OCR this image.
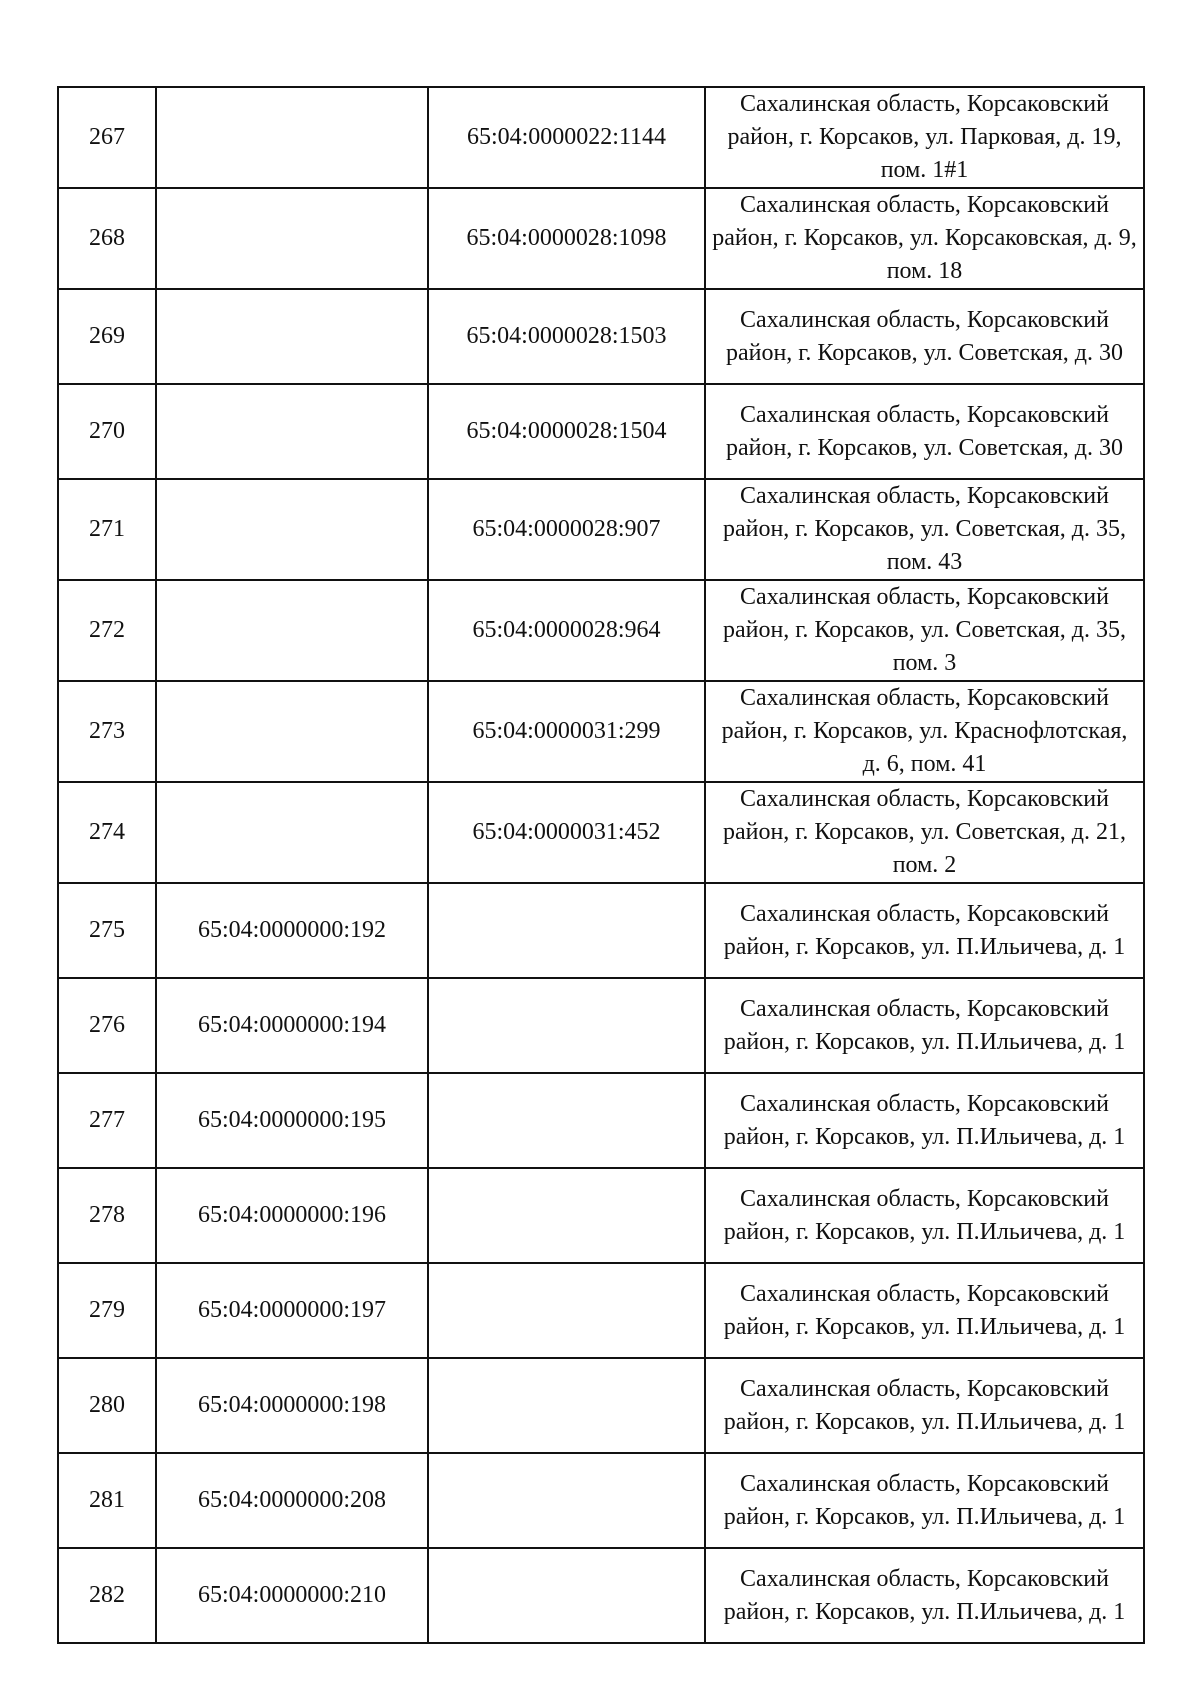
267		65:04:0000022:1144	Сахалинская область, Корсаковский район, г. Корсаков, ул. Парковая, д. 19, пом. 1#1
268		65:04:0000028:1098	Сахалинская область, Корсаковский район, г. Корсаков, ул. Корсаковская, д. 9, пом. 18
269		65:04:0000028:1503	Сахалинская область, Корсаковский район, г. Корсаков, ул. Советская, д. 30
270		65:04:0000028:1504	Сахалинская область, Корсаковский район, г. Корсаков, ул. Советская, д. 30
271		65:04:0000028:907	Сахалинская область, Корсаковский район, г. Корсаков, ул. Советская, д. 35, пом. 43
272		65:04:0000028:964	Сахалинская область, Корсаковский район, г. Корсаков, ул. Советская, д. 35, пом. 3
273		65:04:0000031:299	Сахалинская область, Корсаковский район, г. Корсаков, ул. Краснофлотская, д. 6, пом. 41
274		65:04:0000031:452	Сахалинская область, Корсаковский район, г. Корсаков, ул. Советская, д. 21, пом. 2
275	65:04:0000000:192		Сахалинская область, Корсаковский район, г. Корсаков, ул. П.Ильичева, д. 1
276	65:04:0000000:194		Сахалинская область, Корсаковский район, г. Корсаков, ул. П.Ильичева, д. 1
277	65:04:0000000:195		Сахалинская область, Корсаковский район, г. Корсаков, ул. П.Ильичева, д. 1
278	65:04:0000000:196		Сахалинская область, Корсаковский район, г. Корсаков, ул. П.Ильичева, д. 1
279	65:04:0000000:197		Сахалинская область, Корсаковский район, г. Корсаков, ул. П.Ильичева, д. 1
280	65:04:0000000:198		Сахалинская область, Корсаковский район, г. Корсаков, ул. П.Ильичева, д. 1
281	65:04:0000000:208		Сахалинская область, Корсаковский район, г. Корсаков, ул. П.Ильичева, д. 1
282	65:04:0000000:210		Сахалинская область, Корсаковский район, г. Корсаков, ул. П.Ильичева, д. 1
